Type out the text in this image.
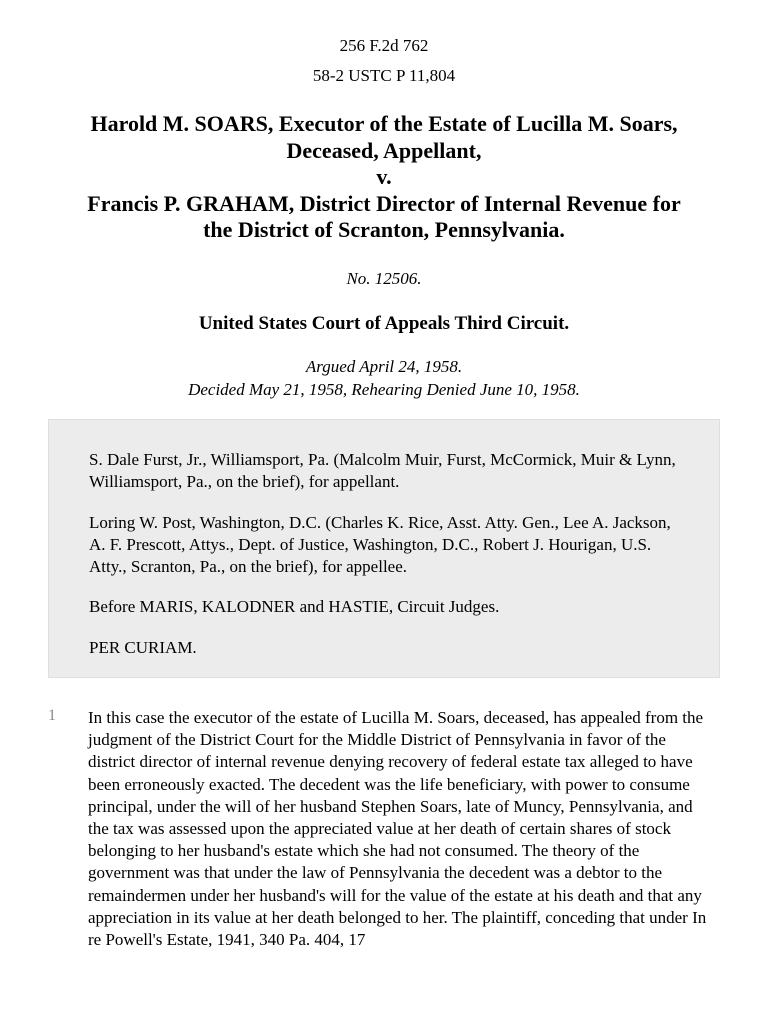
256 F.2d 762
58-2 USTC P 11,804
Harold M. SOARS, Executor of the Estate of Lucilla M. Soars,
Deceased, Appellant,
v.
Francis P. GRAHAM, District Director of Internal Revenue for
the District of Scranton, Pennsylvania.
No. 12506.
United States Court of Appeals Third Circuit.
Argued April 24, 1958.
Decided May 21, 1958, Rehearing Denied June 10, 1958.

S. Dale Furst, Jr., Williamsport, Pa. (Malcolm Muir, Furst, McCormick, Muir & Lynn, Williamsport, Pa., on the brief), for appellant.

Loring W. Post, Washington, D.C. (Charles K. Rice, Asst. Atty. Gen., Lee A. Jackson, A. F. Prescott, Attys., Dept. of Justice, Washington, D.C., Robert J. Hourigan, U.S. Atty., Scranton, Pa., on the brief), for appellee.

Before MARIS, KALODNER and HASTIE, Circuit Judges.

PER CURIAM.

1 In this case the executor of the estate of Lucilla M. Soars, deceased, has appealed from the judgment of the District Court for the Middle District of Pennsylvania in favor of the district director of internal revenue denying recovery of federal estate tax alleged to have been erroneously exacted. The decedent was the life beneficiary, with power to consume principal, under the will of her husband Stephen Soars, late of Muncy, Pennsylvania, and the tax was assessed upon the appreciated value at her death of certain shares of stock belonging to her husband's estate which she had not consumed. The theory of the government was that under the law of Pennsylvania the decedent was a debtor to the remaindermen under her husband's will for the value of the estate at his death and that any appreciation in its value at her death belonged to her. The plaintiff, conceding that under In re Powell's Estate, 1941, 340 Pa. 404, 17
